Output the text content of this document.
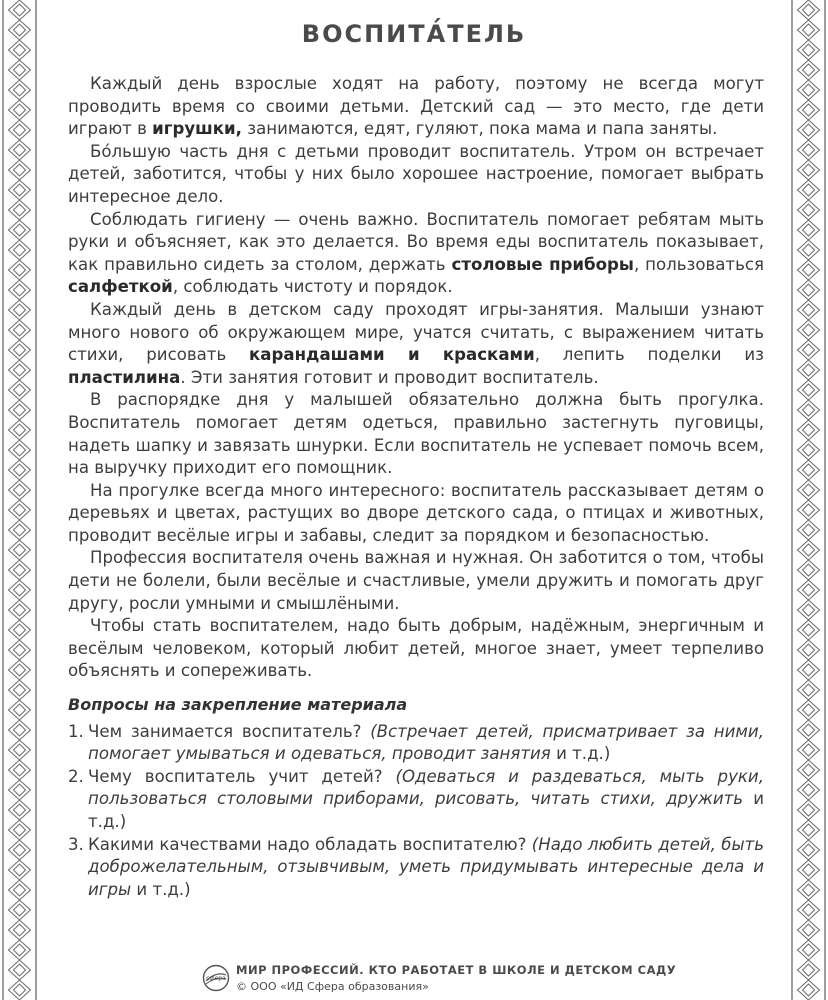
ВОСПИТА́ТЕЛЬ

Каждый день взрослые ходят на работу, поэтому не всегда могут проводить время со своими детьми. Детский сад — это место, где дети играют в игрушки, занимаются, едят, гуляют, пока мама и папа заняты.

Бо́льшую часть дня с детьми проводит воспитатель. Утром он встречает детей, заботится, чтобы у них было хорошее настроение, помогает выбрать интересное дело.

Соблюдать гигиену — очень важно. Воспитатель помогает ребятам мыть руки и объясняет, как это делается. Во время еды воспитатель показывает, как правильно сидеть за столом, держать столовые приборы, пользоваться салфеткой, соблюдать чистоту и порядок.

Каждый день в детском саду проходят игры-занятия. Малыши узнают много нового об окружающем мире, учатся считать, с выражением читать стихи, рисовать карандашами и красками, лепить поделки из пластилина. Эти занятия готовит и проводит воспитатель.

В распорядке дня у малышей обязательно должна быть прогулка. Воспитатель помогает детям одеться, правильно застегнуть пуговицы, надеть шапку и завязать шнурки. Если воспитатель не успевает помочь всем, на выручку приходит его помощник.

На прогулке всегда много интересного: воспитатель рассказывает детям о деревьях и цветах, растущих во дворе детского сада, о птицах и животных, проводит весёлые игры и забавы, следит за порядком и безопасностью.

Профессия воспитателя очень важная и нужная. Он заботится о том, чтобы дети не болели, были весёлые и счастливые, умели дружить и помогать друг другу, росли умными и смышлёными.

Чтобы стать воспитателем, надо быть добрым, надёжным, энергичным и весёлым человеком, который любит детей, многое знает, умеет терпеливо объяснять и сопереживать.

Вопросы на закрепление материала
1. Чем занимается воспитатель? (Встречает детей, присматривает за ними, помогает умываться и одеваться, проводит занятия и т.д.)
2. Чему воспитатель учит детей? (Одеваться и раздеваться, мыть руки, пользоваться столовыми приборами, рисовать, читать стихи, дружить и т.д.)
3. Какими качествами надо обладать воспитателю? (Надо любить детей, быть доброжелательным, отзывчивым, уметь придумывать интересные дела и игры и т.д.)
сфера
МИР ПРОФЕССИЙ. КТО РАБОТАЕТ В ШКОЛЕ И ДЕТСКОМ САДУ
© ООО «ИД Сфера образования»
